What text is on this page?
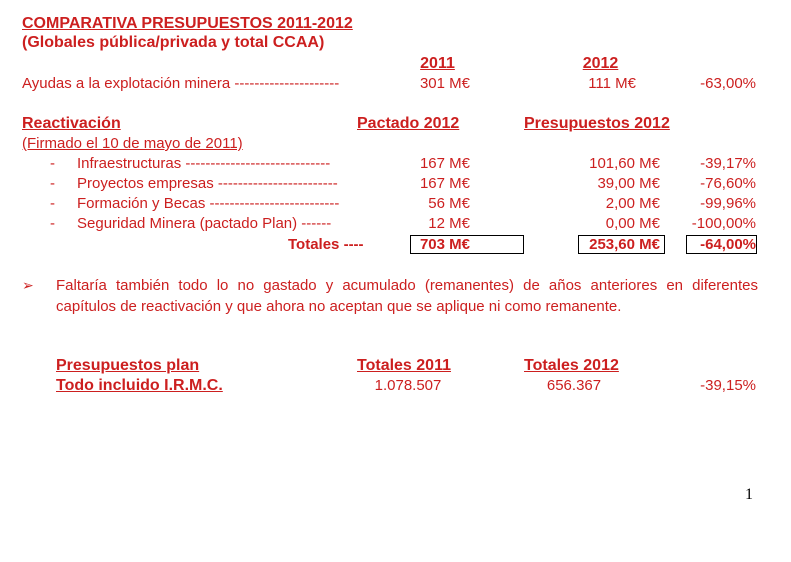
COMPARATIVA PRESUPUESTOS 2011-2012
(Globales pública/privada y total CCAA)
2011	2012
Ayudas a la explotación minera ---------------------	301 M€	111 M€	-63,00%
Reactivación	Pactado 2012	Presupuestos 2012
(Firmado el 10 de mayo de 2011)
- Infraestructuras -----------------------------	167 M€	101,60 M€	-39,17%
- Proyectos empresas ------------------------	167 M€	39,00 M€	-76,60%
- Formación y Becas --------------------------	56 M€	2,00 M€	-99,96%
- Seguridad Minera (pactado Plan) ------	12 M€	0,00 M€	-100,00%
Totales ----	703 M€	253,60 M€	-64,00%
➢ Faltaría también todo lo no gastado y acumulado (remanentes) de años anteriores en diferentes capítulos de reactivación y que ahora no aceptan que se aplique ni como remanente.
Presupuestos plan	Totales 2011	Totales 2012
Todo incluido I.R.M.C.	1.078.507	656.367	-39,15%
1
